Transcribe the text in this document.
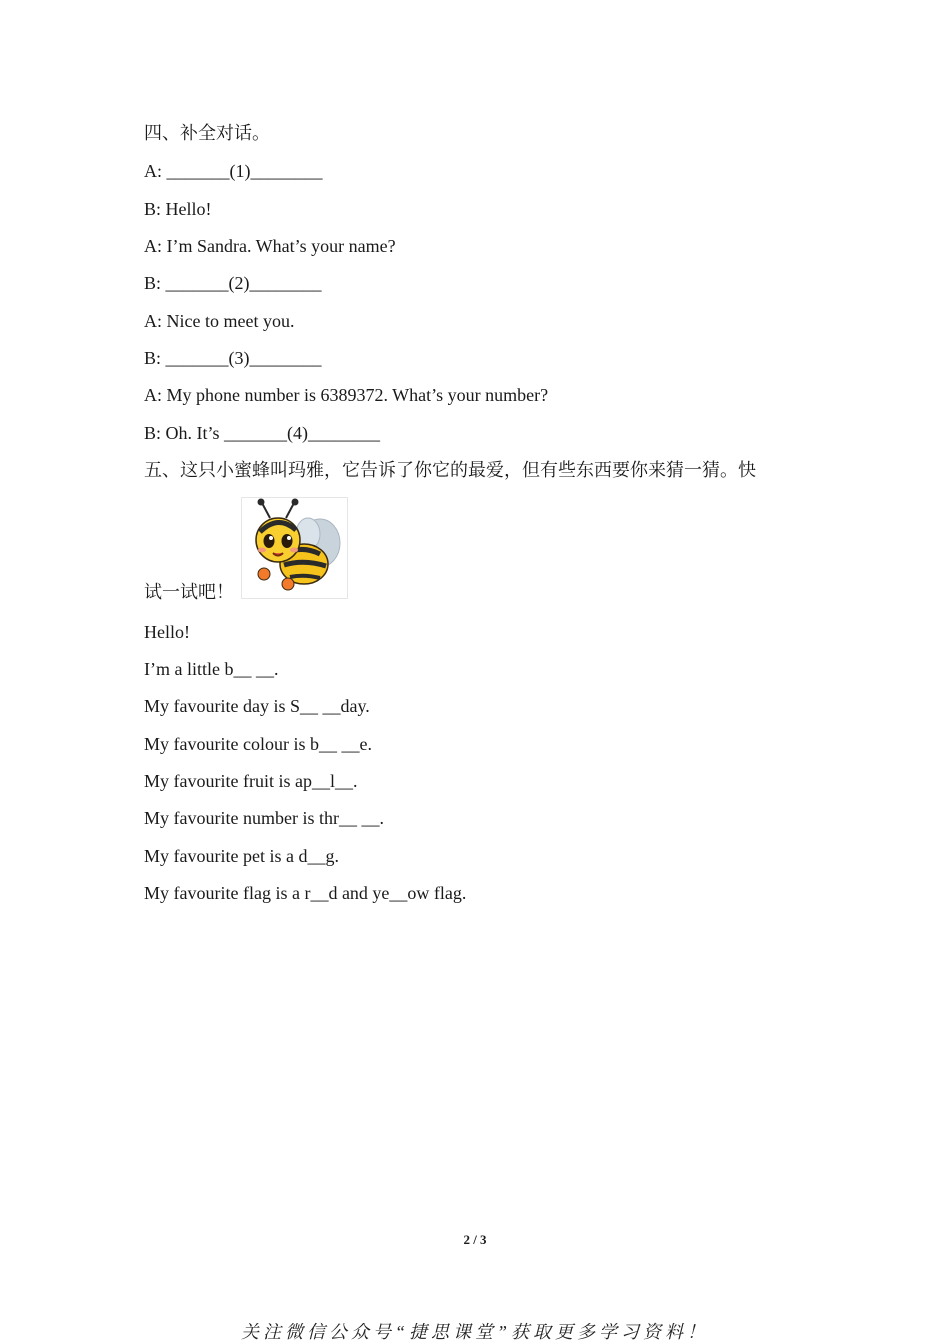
四、补全对话。
A: _______(1)________
B: Hello!
A: I’m Sandra. What’s your name?
B: _______(2)________
A: Nice to meet you.
B: _______(3)________
A: My phone number is 6389372. What’s your number?
B: Oh. It’s _______(4)________
五、这只小蜜蜂叫玛雅，它告诉了你它的最爱，但有些东西要你来猜一猜。快
试一试吧！
Hello!
I’m a little b__ __.
My favourite day is S__ __day.
My favourite colour is b__ __e.
My favourite fruit is ap__l__.
My favourite number is thr__ __.
My favourite pet is a d__g.
My favourite flag is a r__d and ye__ow flag.
2 / 3
关注微信公众号“捷思课堂”获取更多学习资料！
